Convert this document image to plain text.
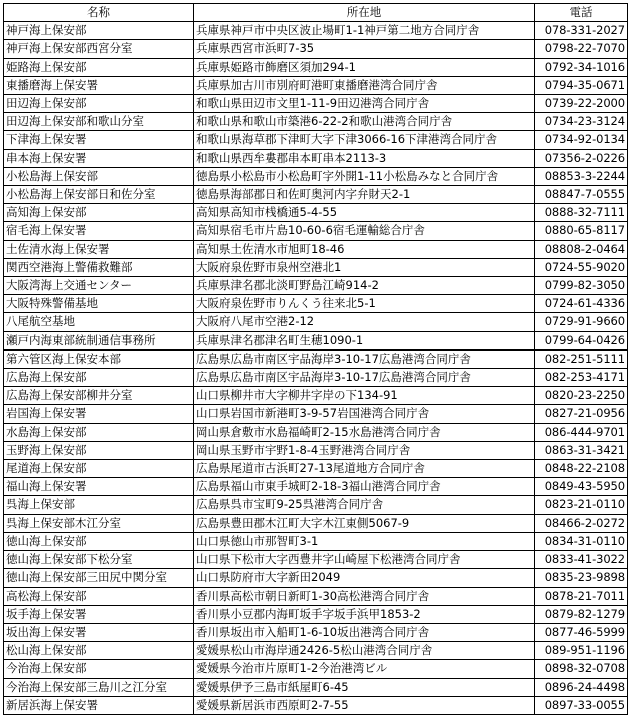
名称	所在地	電話
神戸海上保安部	兵庫県神戸市中央区波止場町1-1神戸第二地方合同庁舎	078-331-2027
神戸海上保安部西宮分室	兵庫県西宮市浜町7-35	0798-22-7070
姫路海上保安部	兵庫県姫路市飾磨区須加294-1	0792-34-1016
東播磨海上保安署	兵庫県加古川市別府町港町東播磨港湾合同庁舎	0794-35-0671
田辺海上保安部	和歌山県田辺市文里1-11-9田辺港湾合同庁舎	0739-22-2000
田辺海上保安部和歌山分室	和歌山県和歌山市築港6-22-2和歌山港湾合同庁舎	0734-23-3124
下津海上保安署	和歌山県海草郡下津町大字下津3066-16下津港湾合同庁舎	0734-92-0134
串本海上保安署	和歌山県西牟婁郡串本町串本2113-3	07356-2-0226
小松島海上保安部	徳島県小松島市小松島町字外開1-11小松島みなと合同庁舎	08853-3-2244
小松島海上保安部日和佐分室	徳島県海部郡日和佐町奥河内字弁財天2-1	08847-7-0555
高知海上保安部	高知県高知市桟橋通5-4-55	0888-32-7111
宿毛海上保安署	高知県宿毛市片島10-60-6宿毛運輸総合庁舎	0880-65-8117
土佐清水海上保安署	高知県土佐清水市旭町18-46	08808-2-0464
関西空港海上警備救難部	大阪府泉佐野市泉州空港北1	0724-55-9020
大阪湾海上交通センター	兵庫県津名郡北淡町野島江崎914-2	0799-82-3050
大阪特殊警備基地	大阪府泉佐野市りんくう往来北5-1	0724-61-4336
八尾航空基地	大阪府八尾市空港2-12	0729-91-9660
瀬戸内海東部統制通信事務所	兵庫県津名郡津名町生穂1090-1	0799-64-0426
第六管区海上保安本部	広島県広島市南区宇品海岸3-10-17広島港湾合同庁舎	082-251-5111
広島海上保安部	広島県広島市南区宇品海岸3-10-17広島港湾合同庁舎	082-253-4171
広島海上保安部柳井分室	山口県柳井市大字柳井字岸の下134-91	0820-23-2250
岩国海上保安署	山口県岩国市新港町3-9-57岩国港湾合同庁舎	0827-21-0956
水島海上保安部	岡山県倉敷市水島福崎町2-15水島港湾合同庁舎	086-444-9701
玉野海上保安部	岡山県玉野市宇野1-8-4玉野港湾合同庁舎	0863-31-3421
尾道海上保安部	広島県尾道市古浜町27-13尾道地方合同庁舎	0848-22-2108
福山海上保安署	広島県福山市東手城町2-18-3福山港湾合同庁舎	0849-43-5950
呉海上保安部	広島県呉市宝町9-25呉港湾合同庁舎	0823-21-0110
呉海上保安部木江分室	広島県豊田郡木江町大字木江東側5067-9	08466-2-0272
徳山海上保安部	山口県徳山市那智町3-1	0834-31-0110
徳山海上保安部下松分室	山口県下松市大字西豊井字山崎屋下松港湾合同庁舎	0833-41-3022
徳山海上保安部三田尻中関分室	山口県防府市大字新田2049	0835-23-9898
高松海上保安部	香川県高松市朝日新町1-30高松港湾合同庁舎	0878-21-7011
坂手海上保安署	香川県小豆郡内海町坂手字坂手浜甲1853-2	0879-82-1279
坂出海上保安署	香川県坂出市入船町1-6-10坂出港湾合同庁舎	0877-46-5999
松山海上保安部	愛媛県松山市海岸通2426-5松山港湾合同庁舎	089-951-1196
今治海上保安部	愛媛県今治市片原町1-2今治港湾ビル	0898-32-0708
今治海上保安部三島川之江分室	愛媛県伊予三島市紙屋町6-45	0896-24-4498
新居浜海上保安署	愛媛県新居浜市西原町2-7-55	0897-33-0055
